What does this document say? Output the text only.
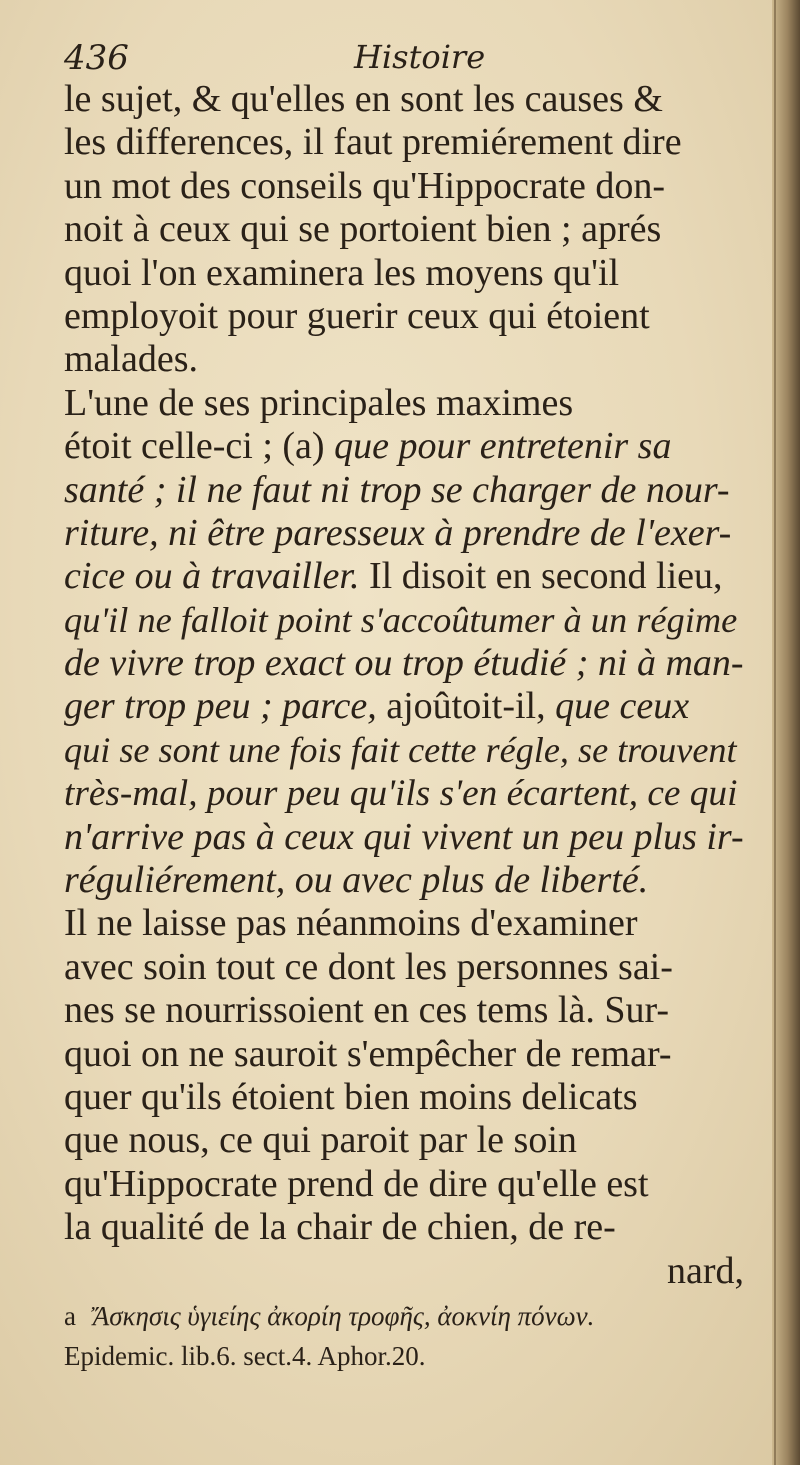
436	Histoire
le sujet, & qu'elles en sont les causes &
les differences, il faut premiérement dire
un mot des conseils qu'Hippocrate don-
noit à ceux qui se portoient bien ; aprés
quoi l'on examinera les moyens qu'il
employoit pour guerir ceux qui étoient
malades.
L'une de ses principales maximes
étoit celle-ci ; (a) que pour entretenir sa
santé ; il ne faut ni trop se charger de nour-
riture, ni être paresseux à prendre de l'exer-
cice ou à travailler. Il disoit en second lieu,
qu'il ne falloit point s'accoûtumer à un régime
de vivre trop exact ou trop étudié ; ni à man-
ger trop peu ; parce, ajoûtoit-il, que ceux
qui se sont une fois fait cette régle, se trouvent
très-mal, pour peu qu'ils s'en écartent, ce qui
n'arrive pas à ceux qui vivent un peu plus ir-
réguliérement, ou avec plus de liberté.
Il ne laisse pas néanmoins d'examiner
avec soin tout ce dont les personnes sai-
nes se nourrissoient en ces tems là. Sur-
quoi on ne sauroit s'empêcher de remar-
quer qu'ils étoient bien moins delicats
que nous, ce qui paroit par le soin
qu'Hippocrate prend de dire qu'elle est
la qualité de la chair de chien, de re-
nard,
a Ἄσκησις ὑγιείης ἀκορίη τροφῆς, ἀοκνίη πόνων.
Epidemic. lib.6. sect.4. Aphor.20.
